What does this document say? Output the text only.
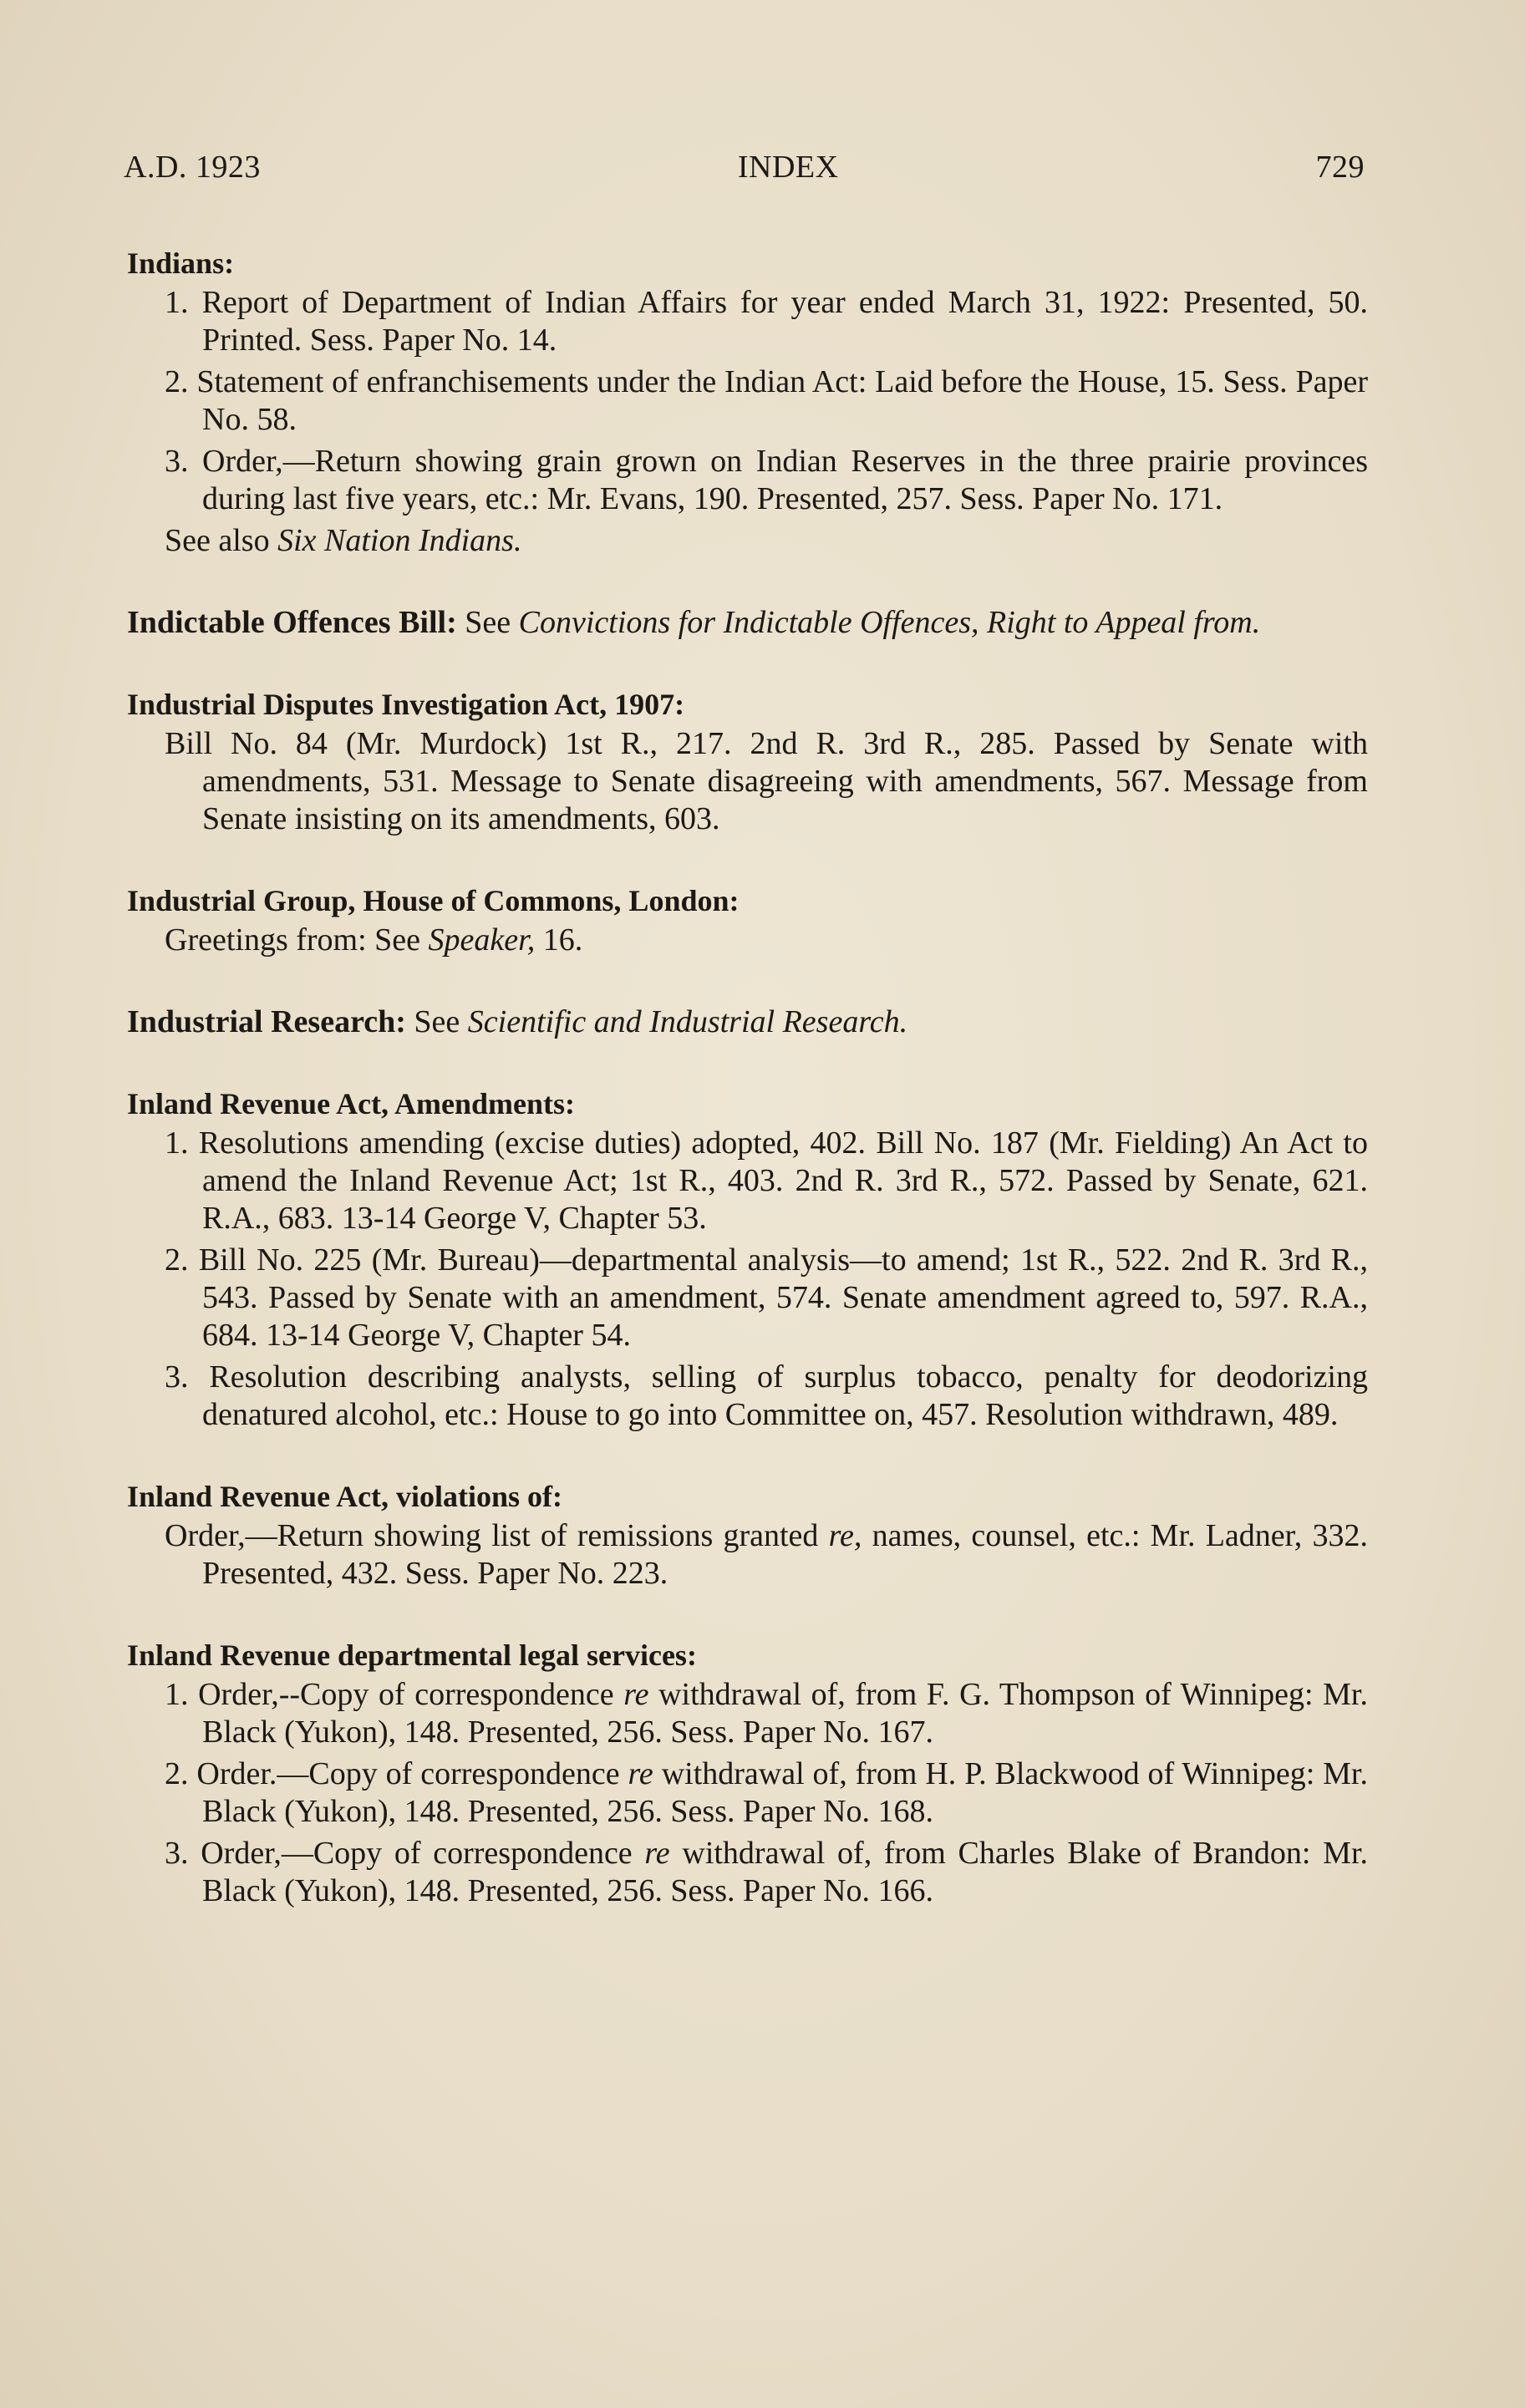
A.D. 1923	INDEX	729
Indians:
1. Report of Department of Indian Affairs for year ended March 31, 1922: Presented, 50. Printed. Sess. Paper No. 14.
2. Statement of enfranchisements under the Indian Act: Laid before the House, 15. Sess. Paper No. 58.
3. Order,—Return showing grain grown on Indian Reserves in the three prairie provinces during last five years, etc.: Mr. Evans, 190. Presented, 257. Sess. Paper No. 171.
See also Six Nation Indians.
Indictable Offences Bill: See Convictions for Indictable Offences, Right to Appeal from.
Industrial Disputes Investigation Act, 1907:
Bill No. 84 (Mr. Murdock) 1st R., 217. 2nd R. 3rd R., 285. Passed by Senate with amendments, 531. Message to Senate disagreeing with amendments, 567. Message from Senate insisting on its amendments, 603.
Industrial Group, House of Commons, London:
Greetings from: See Speaker, 16.
Industrial Research: See Scientific and Industrial Research.
Inland Revenue Act, Amendments:
1. Resolutions amending (excise duties) adopted, 402. Bill No. 187 (Mr. Fielding) An Act to amend the Inland Revenue Act; 1st R., 403. 2nd R. 3rd R., 572. Passed by Senate, 621. R.A., 683. 13-14 George V, Chapter 53.
2. Bill No. 225 (Mr. Bureau)—departmental analysis—to amend; 1st R., 522. 2nd R. 3rd R., 543. Passed by Senate with an amendment, 574. Senate amendment agreed to, 597. R.A., 684. 13-14 George V, Chapter 54.
3. Resolution describing analysts, selling of surplus tobacco, penalty for deodorizing denatured alcohol, etc.: House to go into Committee on, 457. Resolution withdrawn, 489.
Inland Revenue Act, violations of:
Order,—Return showing list of remissions granted re, names, counsel, etc.: Mr. Ladner, 332. Presented, 432. Sess. Paper No. 223.
Inland Revenue departmental legal services:
1. Order,--Copy of correspondence re withdrawal of, from F. G. Thompson of Winnipeg: Mr. Black (Yukon), 148. Presented, 256. Sess. Paper No. 167.
2. Order.—Copy of correspondence re withdrawal of, from H. P. Blackwood of Winnipeg: Mr. Black (Yukon), 148. Presented, 256. Sess. Paper No. 168.
3. Order,—Copy of correspondence re withdrawal of, from Charles Blake of Brandon: Mr. Black (Yukon), 148. Presented, 256. Sess. Paper No. 166.
